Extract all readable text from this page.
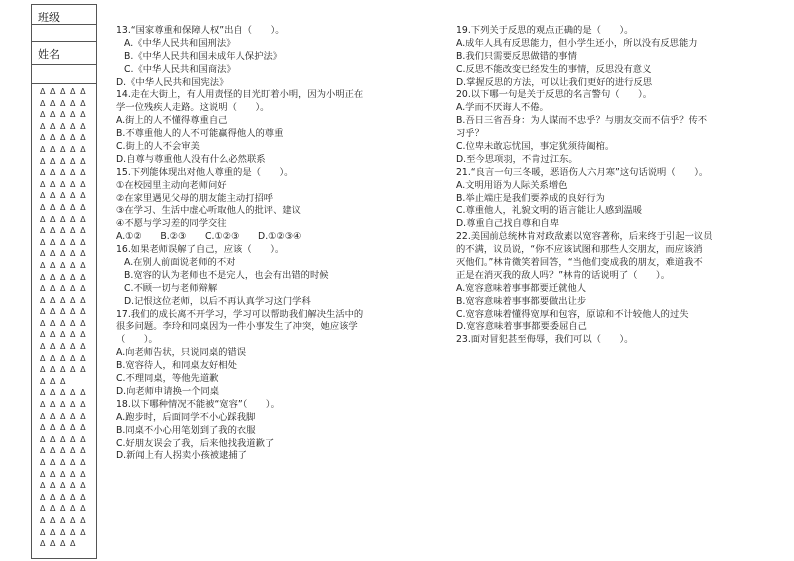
班级
姓名
Δ Δ Δ Δ Δ
Δ Δ Δ Δ Δ
Δ Δ Δ Δ Δ
Δ Δ Δ Δ Δ
Δ Δ Δ Δ Δ
Δ Δ Δ Δ Δ
Δ Δ Δ Δ Δ
Δ Δ Δ Δ Δ
Δ Δ Δ Δ Δ
Δ Δ Δ Δ Δ
Δ Δ Δ Δ Δ
Δ Δ Δ Δ Δ
Δ Δ Δ Δ Δ
Δ Δ Δ Δ Δ
Δ Δ Δ Δ Δ
Δ Δ Δ Δ Δ
Δ Δ Δ Δ Δ
Δ Δ Δ Δ Δ
Δ Δ Δ Δ Δ
Δ Δ Δ Δ Δ
Δ Δ Δ Δ Δ
Δ Δ Δ Δ Δ
Δ Δ Δ Δ Δ
Δ Δ Δ Δ Δ
Δ Δ Δ Δ Δ
Δ Δ Δ
Δ Δ Δ Δ Δ
Δ Δ Δ Δ Δ
Δ Δ Δ Δ Δ
Δ Δ Δ Δ Δ
Δ Δ Δ Δ Δ
Δ Δ Δ Δ Δ
Δ Δ Δ Δ Δ
Δ Δ Δ Δ Δ
Δ Δ Δ Δ Δ
Δ Δ Δ Δ Δ
Δ Δ Δ Δ Δ
Δ Δ Δ Δ Δ
Δ Δ Δ Δ Δ
Δ Δ Δ Δ
13.“国家尊重和保障人权”出自（　　）。
A.《中华人民共和国刑法》
B.《中华人民共和国未成年人保护法》
C.《中华人民共和国商法》
D.《中华人民共和国宪法》
14.走在大街上，有人用责怪的目光盯着小明，因为小明正在
学一位残疾人走路。这说明（　　）。
A.街上的人不懂得尊重自己
B.不尊重他人的人不可能赢得他人的尊重
C.街上的人不会审美
D.自尊与尊重他人没有什么必然联系
15.下列能体现出对他人尊重的是（　　）。
①在校园里主动向老师问好
②在家里遇见父母的朋友能主动打招呼
③在学习、生活中虚心听取他人的批评、建议
④不愿与学习差的同学交往
A.①②　　B.②③　　C.①②③　　D.①②③④
16.如果老师误解了自己，应该（　　）。
A.在别人前面说老师的不对
B.宽容的认为老师也不是完人，也会有出错的时候
C.不顾一切与老师辩解
D.记恨这位老师，以后不再认真学习这门学科
17.我们的成长离不开学习，学习可以帮助我们解决生活中的
很多问题。李玲和同桌因为一件小事发生了冲突，她应该学
（　　）。
A.向老师告状，只说同桌的错误
B.宽容待人，和同桌友好相处
C.不理同桌，等他先道歉
D.向老师申请换一个同桌
18.以下哪种情况不能被“宽容”（　　）。
A.跑步时，后面同学不小心踩我脚
B.同桌不小心用笔划到了我的衣服
C.好朋友误会了我，后来他找我道歉了
D.新闻上有人拐卖小孩被逮捕了
19.下列关于反思的观点正确的是（　　）。
A.成年人具有反思能力，但小学生还小，所以没有反思能力
B.我们只需要反思做错的事情
C.反思不能改变已经发生的事情，反思没有意义
D.掌握反思的方法，可以让我们更好的进行反思
20.以下哪一句是关于反思的名言警句（　　）。
A.学而不厌诲人不倦。
B.吾日三省吾身：为人谋而不忠乎？与朋友交而不信乎？传不
习乎？
C.位卑未敢忘忧国，事定犹须待阖棺。
D.至今思项羽，不肯过江东。
21.“良言一句三冬暖，恶语伤人六月寒”这句话说明（　　）。
A.文明用语为人际关系增色
B.举止端庄是我们要养成的良好行为
C.尊重他人，礼貌文明的语言能让人感到温暖
D.尊重自己找自尊和自卑
22.美国前总统林肯对政敌素以宽容著称，后来终于引起一议员
的不满，议员说，“你不应该试图和那些人交朋友，而应该消
灭他们。”林肯微笑着回答，“当他们变成我的朋友，难道我不
正是在消灭我的敌人吗？”林肯的话说明了（　　）。
A.宽容意味着事事都要迁就他人
B.宽容意味着事事都要做出让步
C.宽容意味着懂得宽厚和包容，原谅和不计较他人的过失
D.宽容意味着事事都要委屈自己
23.面对冒犯甚至侮辱，我们可以（　　）。
